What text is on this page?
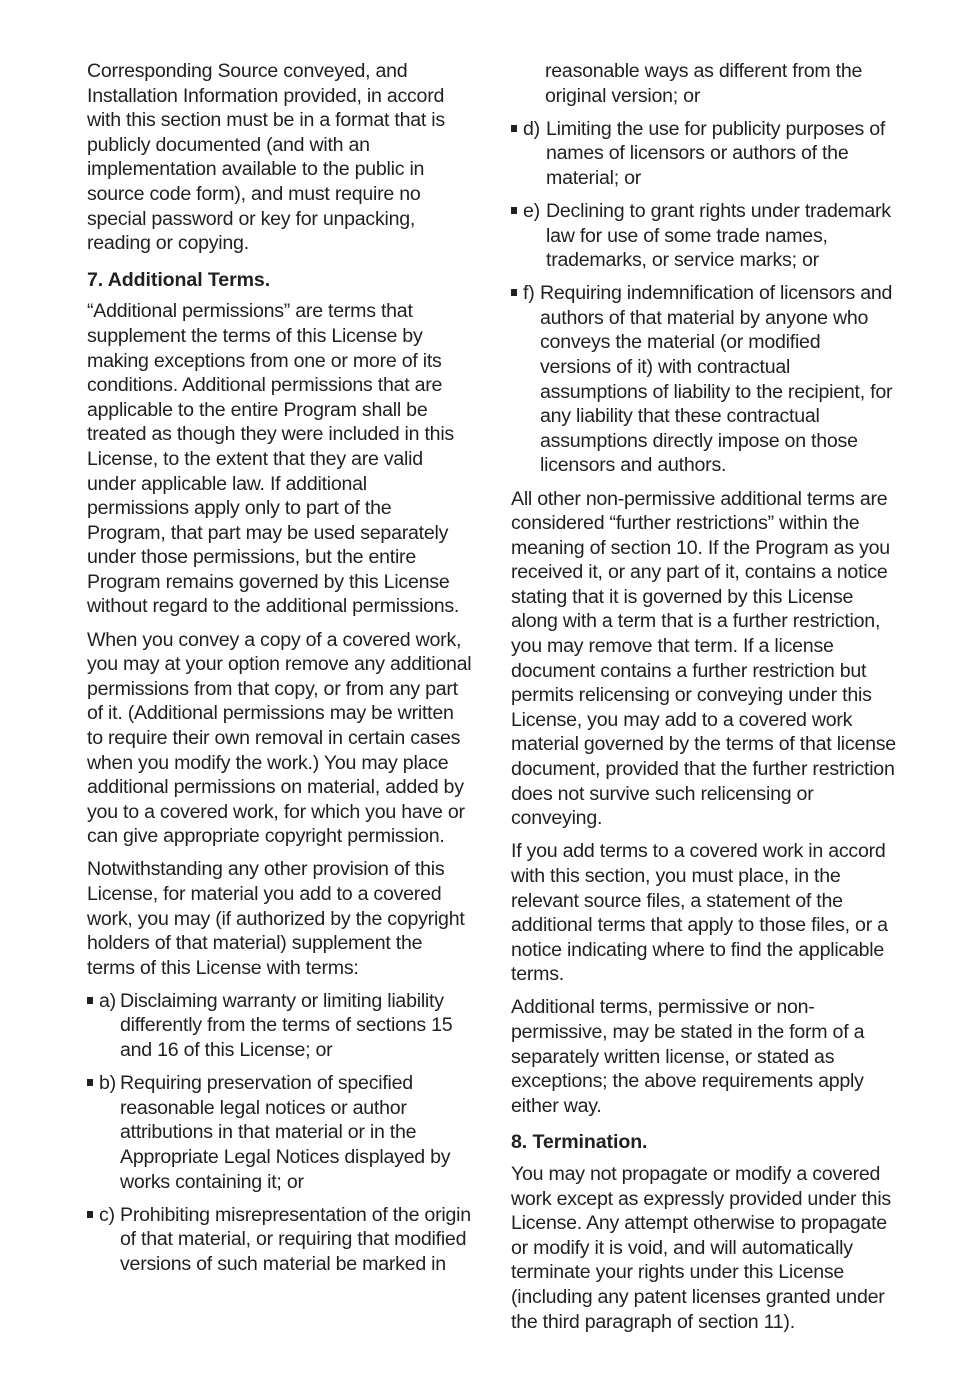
Corresponding Source conveyed, and Installation Information provided, in accord with this section must be in a format that is publicly documented (and with an implementation available to the public in source code form), and must require no special password or key for unpacking, reading or copying.

7. Additional Terms.

“Additional permissions” are terms that supplement the terms of this License by making exceptions from one or more of its conditions. Additional permissions that are applicable to the entire Program shall be treated as though they were included in this License, to the extent that they are valid under applicable law. If additional permissions apply only to part of the Program, that part may be used separately under those permissions, but the entire Program remains governed by this License without regard to the additional permissions.

When you convey a copy of a covered work, you may at your option remove any additional permissions from that copy, or from any part of it. (Additional permissions may be written to require their own removal in certain cases when you modify the work.) You may place additional permissions on material, added by you to a covered work, for which you have or can give appropriate copyright permission.

Notwithstanding any other provision of this License, for material you add to a covered work, you may (if authorized by the copyright holders of that material) supplement the terms of this License with terms:

a) Disclaiming warranty or limiting liability differently from the terms of sections 15 and 16 of this License; or
b) Requiring preservation of specified reasonable legal notices or author attributions in that material or in the Appropriate Legal Notices displayed by works containing it; or
c) Prohibiting misrepresentation of the origin of that material, or requiring that modified versions of such material be marked in

reasonable ways as different from the original version; or

d) Limiting the use for publicity purposes of names of licensors or authors of the material; or
e) Declining to grant rights under trademark law for use of some trade names, trademarks, or service marks; or
f) Requiring indemnification of licensors and authors of that material by anyone who conveys the material (or modified versions of it) with contractual assumptions of liability to the recipient, for any liability that these contractual assumptions directly impose on those licensors and authors.

All other non-permissive additional terms are considered “further restrictions” within the meaning of section 10. If the Program as you received it, or any part of it, contains a notice stating that it is governed by this License along with a term that is a further restriction, you may remove that term. If a license document contains a further restriction but permits relicensing or conveying under this License, you may add to a covered work material governed by the terms of that license document, provided that the further restriction does not survive such relicensing or conveying.

If you add terms to a covered work in accord with this section, you must place, in the relevant source files, a statement of the additional terms that apply to those files, or a notice indicating where to find the applicable terms.

Additional terms, permissive or non-permissive, may be stated in the form of a separately written license, or stated as exceptions; the above requirements apply either way.

8. Termination.

You may not propagate or modify a covered work except as expressly provided under this License. Any attempt otherwise to propagate or modify it is void, and will automatically terminate your rights under this License (including any patent licenses granted under the third paragraph of section 11).
